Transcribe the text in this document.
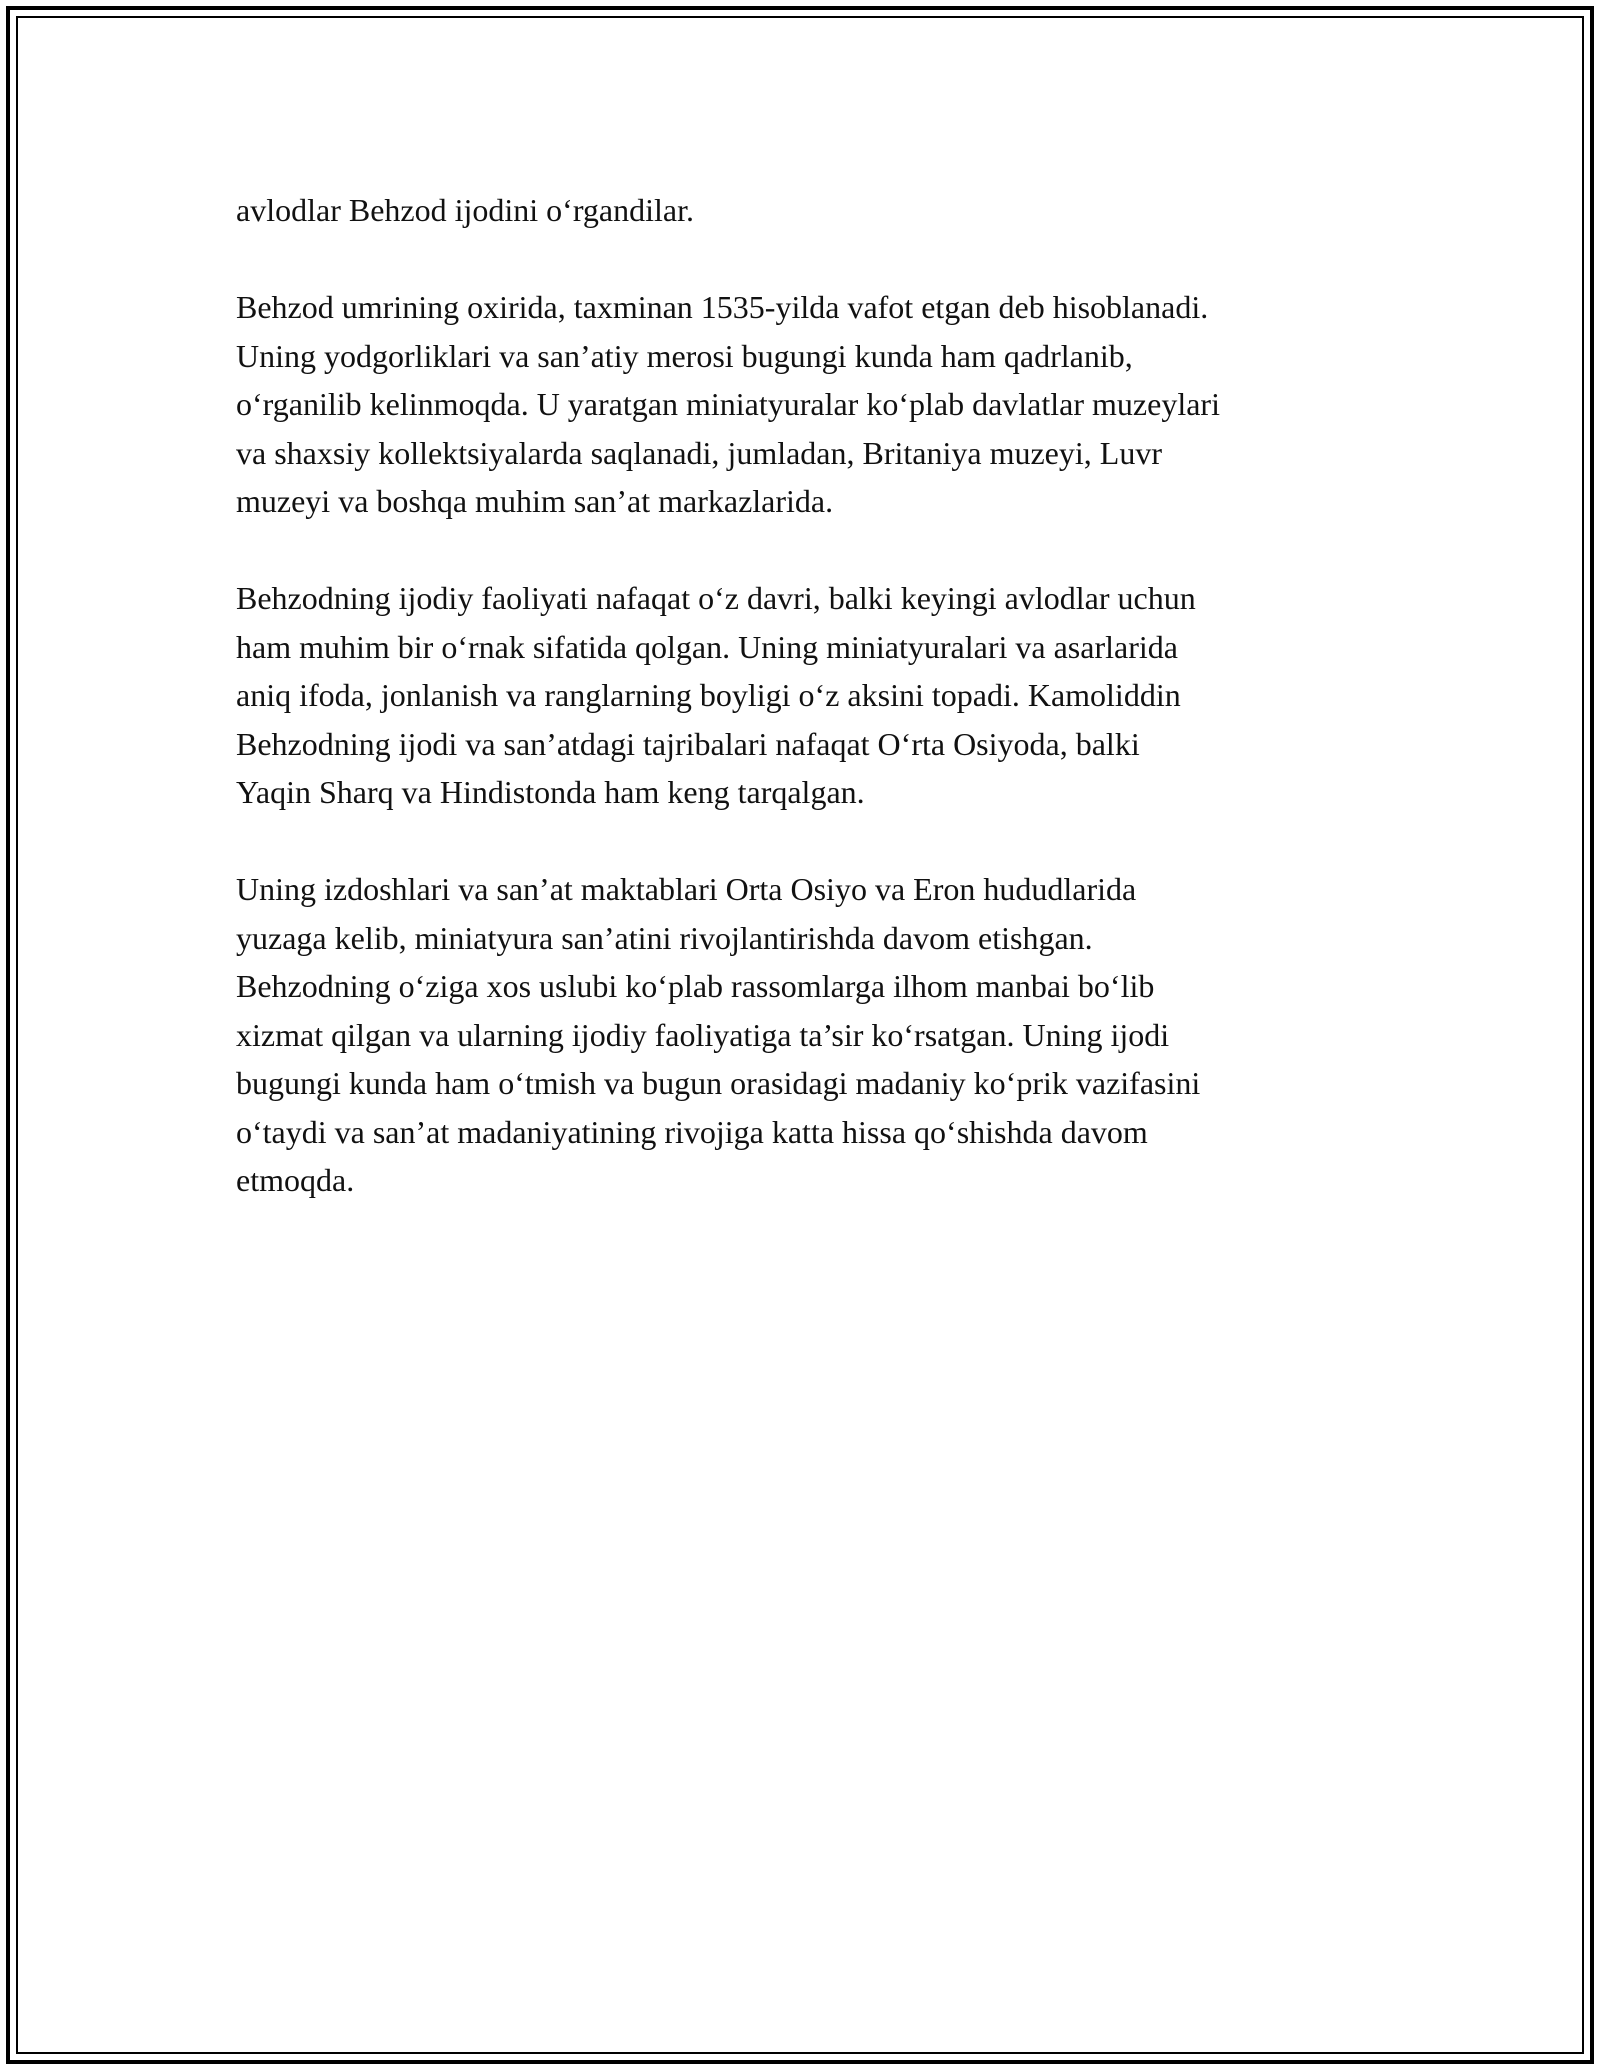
avlodlar Behzod ijodini o‘rgandilar.

Behzod umrining oxirida, taxminan 1535-yilda vafot etgan deb hisoblanadi.
Uning yodgorliklari va san’atiy merosi bugungi kunda ham qadrlanib,
o‘rganilib kelinmoqda. U yaratgan miniatyuralar ko‘plab davlatlar muzeylari
va shaxsiy kollektsiyalarda saqlanadi, jumladan, Britaniya muzeyi, Luvr
muzeyi va boshqa muhim san’at markazlarida.

Behzodning ijodiy faoliyati nafaqat o‘z davri, balki keyingi avlodlar uchun
ham muhim bir o‘rnak sifatida qolgan. Uning miniatyuralari va asarlarida
aniq ifoda, jonlanish va ranglarning boyligi o‘z aksini topadi. Kamoliddin
Behzodning ijodi va san’atdagi tajribalari nafaqat O‘rta Osiyoda, balki
Yaqin Sharq va Hindistonda ham keng tarqalgan.

Uning izdoshlari va san’at maktablari Orta Osiyo va Eron hududlarida
yuzaga kelib, miniatyura san’atini rivojlantirishda davom etishgan.
Behzodning o‘ziga xos uslubi ko‘plab rassomlarga ilhom manbai bo‘lib
xizmat qilgan va ularning ijodiy faoliyatiga ta’sir ko‘rsatgan. Uning ijodi
bugungi kunda ham o‘tmish va bugun orasidagi madaniy ko‘prik vazifasini
o‘taydi va san’at madaniyatining rivojiga katta hissa qo‘shishda davom
etmoqda.
